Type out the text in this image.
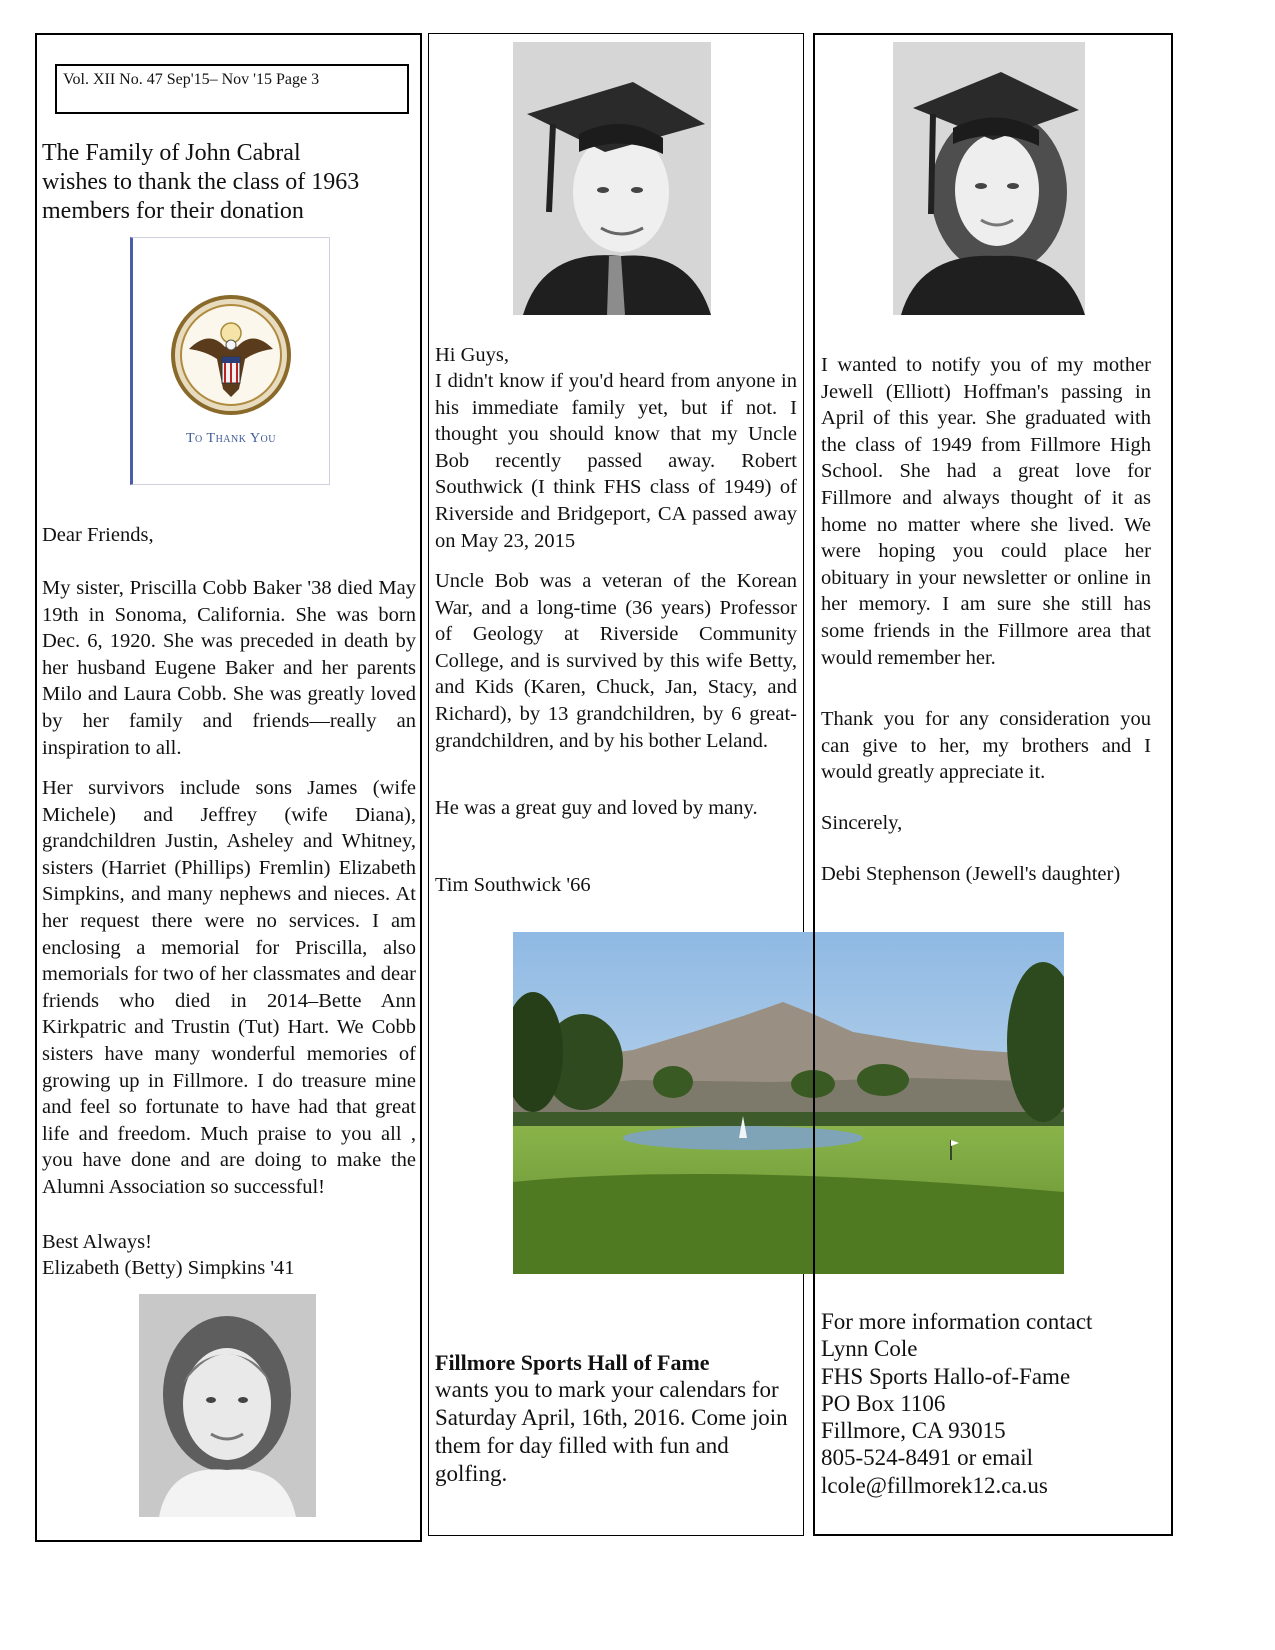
Vol. XII No. 47 Sep'15– Nov '15 Page 3
The Family of John Cabral
wishes to thank the class of 1963
members for their donation
To Thank You
Dear Friends,
My sister, Priscilla Cobb Baker '38 died May 19th in Sonoma, California. She was born Dec. 6, 1920. She was preceded in death by her husband Eugene Baker and her parents Milo and Laura Cobb. She was greatly loved by her family and friends—really an inspiration to all.
Her survivors include sons James (wife Michele) and Jeffrey (wife Diana), grandchildren Justin, Asheley and Whitney, sisters (Harriet (Phillips) Fremlin) Elizabeth Simpkins, and many nephews and nieces. At her request there were no services. I am enclosing a memorial for Priscilla, also memorials for two of her classmates and dear friends who died in 2014–Bette Ann Kirkpatric and Trustin (Tut) Hart. We Cobb sisters have many wonderful memories of growing up in Fillmore. I do treasure mine and feel so fortunate to have had that great life and freedom. Much praise to you all , you have done and are doing to make the Alumni Association so successful!
Best Always!
Elizabeth (Betty) Simpkins '41
Hi Guys,
I didn't know if you'd heard from anyone in his immediate family yet, but if not. I thought you should know that my Uncle Bob recently passed away. Robert Southwick (I think FHS class of 1949) of Riverside and Bridgeport, CA passed away on May 23, 2015
Uncle Bob was a veteran of the Korean War, and a long-time (36 years) Professor of Geology at Riverside Community College, and is survived by this wife Betty, and Kids (Karen, Chuck, Jan, Stacy, and Richard), by 13 grandchildren, by 6 great-grandchildren, and by his bother Leland.
He was a great guy and loved by many.
Tim Southwick '66
Fillmore Sports Hall of Fame
wants you to mark your calendars for Saturday April, 16th, 2016. Come join them for day filled with fun and golfing.
I wanted to notify you of my mother Jewell (Elliott) Hoffman's passing in April of this year. She graduated with the class of 1949 from Fillmore High School. She had a great love for Fillmore and always thought of it as home no matter where she lived. We were hoping you could place her obituary in your newsletter or online in her memory. I am sure she still has some friends in the Fillmore area that would remember her.
Thank you for any consideration you can give to her, my brothers and I would greatly appreciate it.
Sincerely,
Debi Stephenson (Jewell's daughter)
For more information contact
Lynn Cole
FHS Sports Hallo-of-Fame
PO Box 1106
Fillmore, CA 93015
805-524-8491 or email
lcole@fillmorek12.ca.us
